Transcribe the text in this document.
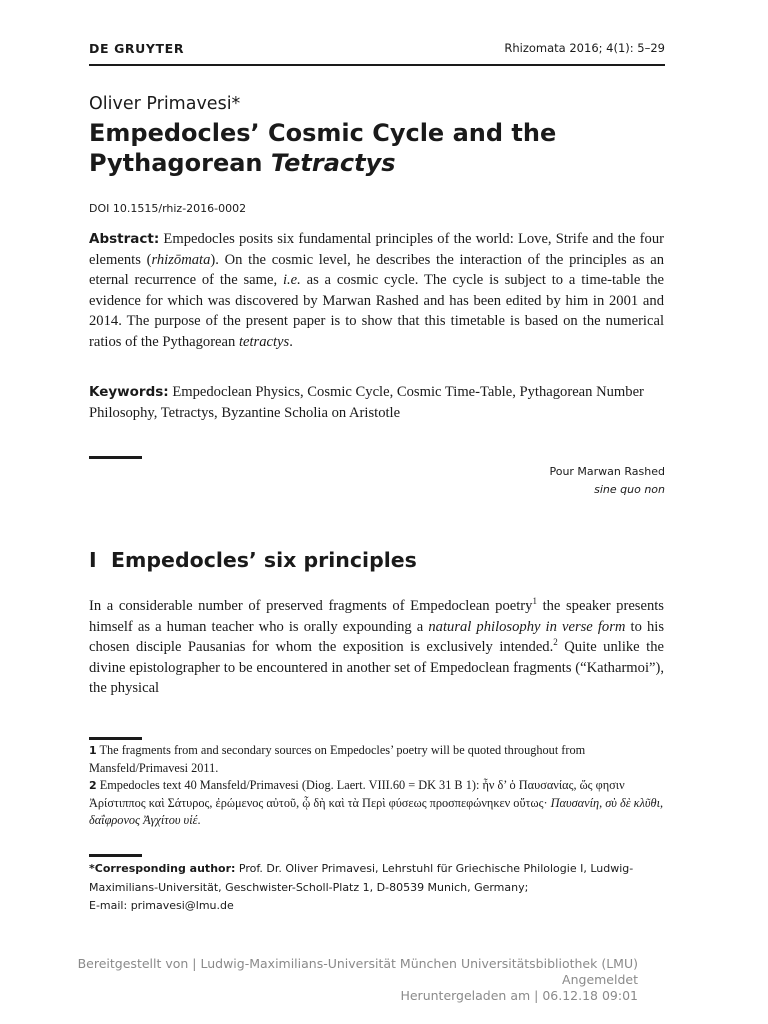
DE GRUYTER	Rhizomata 2016; 4(1): 5–29
Oliver Primavesi*
Empedocles’ Cosmic Cycle and the
Pythagorean Tetractys
DOI 10.1515/rhiz-2016-0002
Abstract: Empedocles posits six fundamental principles of the world: Love, Strife and the four elements (rhizōmata). On the cosmic level, he describes the interaction of the principles as an eternal recurrence of the same, i.e. as a cosmic cycle. The cycle is subject to a time-table the evidence for which was discovered by Marwan Rashed and has been edited by him in 2001 and 2014. The purpose of the present paper is to show that this timetable is based on the numerical ratios of the Pythagorean tetractys.
Keywords: Empedoclean Physics, Cosmic Cycle, Cosmic Time-Table, Pythagorean Number Philosophy, Tetractys, Byzantine Scholia on Aristotle
Pour Marwan Rashed
sine quo non
I Empedocles’ six principles
In a considerable number of preserved fragments of Empedoclean poetry$^1$ the speaker presents himself as a human teacher who is orally expounding a natural philosophy in verse form to his chosen disciple Pausanias for whom the exposition is exclusively intended.$^2$ Quite unlike the divine epistolographer to be encountered in another set of Empedoclean fragments (“Katharmoi”), the physical
1 The fragments from and secondary sources on Empedocles’ poetry will be quoted throughout from Mansfeld/Primavesi 2011.
2 Empedocles text 40 Mansfeld/Primavesi (Diog. Laert. VIII.60 = DK 31 B 1): ἦν δ’ ὁ Παυσανίας, ὥς φησιν Ἀρίστιππος καὶ Σάτυρος, ἐρώμενος αὐτοῦ, ᾧ δὴ καὶ τὰ Περὶ φύσεως προσπεφώνηκεν οὕτως· Παυσανίη, σὺ δὲ κλῦθι, δαΐφρονος Ἀγχίτου υἱέ.
*Corresponding author: Prof. Dr. Oliver Primavesi, Lehrstuhl für Griechische Philologie I, Ludwig-Maximilians-Universität, Geschwister-Scholl-Platz 1, D-80539 Munich, Germany;
E-mail: primavesi@lmu.de
Bereitgestellt von | Ludwig-Maximilians-Universität München Universitätsbibliothek (LMU)
Angemeldet
Heruntergeladen am | 06.12.18 09:01
